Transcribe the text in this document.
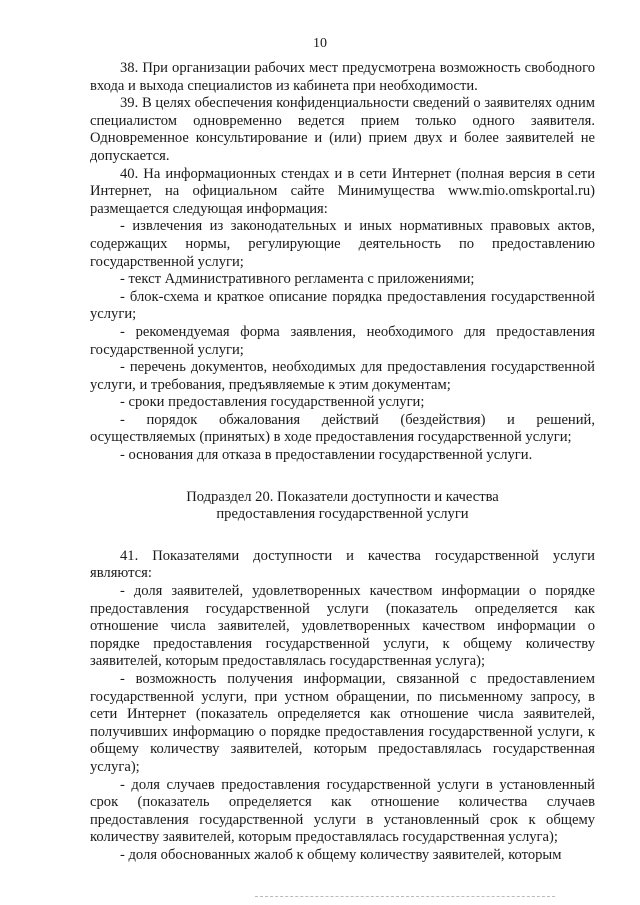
10

38. При организации рабочих мест предусмотрена возможность свободного входа и выхода специалистов из кабинета при необходимости.

39. В целях обеспечения конфиденциальности сведений о заявителях одним специалистом одновременно ведется прием только одного заявителя. Одновременное консультирование и (или) прием двух и более заявителей не допускается.

40. На информационных стендах и в сети Интернет (полная версия в сети Интернет, на официальном сайте Минимущества www.mio.omskportal.ru) размещается следующая информация:

- извлечения из законодательных и иных нормативных правовых актов, содержащих нормы, регулирующие деятельность по предоставлению государственной услуги;

- текст Административного регламента с приложениями;

- блок-схема и краткое описание порядка предоставления государственной услуги;

- рекомендуемая форма заявления, необходимого для предоставления государственной услуги;

- перечень документов, необходимых для предоставления государственной услуги, и требования, предъявляемые к этим документам;

- сроки предоставления государственной услуги;

- порядок обжалования действий (бездействия) и решений, осуществляемых (принятых) в ходе предоставления государственной услуги;

- основания для отказа в предоставлении государственной услуги.

Подраздел 20. Показатели доступности и качества
предоставления государственной услуги

41. Показателями доступности и качества государственной услуги являются:

- доля заявителей, удовлетворенных качеством информации о порядке предоставления государственной услуги (показатель определяется как отношение числа заявителей, удовлетворенных качеством информации о порядке предоставления государственной услуги, к общему количеству заявителей, которым предоставлялась государственная услуга);

- возможность получения информации, связанной с предоставлением государственной услуги, при устном обращении, по письменному запросу, в сети Интернет (показатель определяется как отношение числа заявителей, получивших информацию о порядке предоставления государственной услуги, к общему количеству заявителей, которым предоставлялась государственная услуга);

- доля случаев предоставления государственной услуги в установленный срок (показатель определяется как отношение количества случаев предоставления государственной услуги в установленный срок к общему количеству заявителей, которым предоставлялась государственная услуга);

- доля обоснованных жалоб к общему количеству заявителей, которым
